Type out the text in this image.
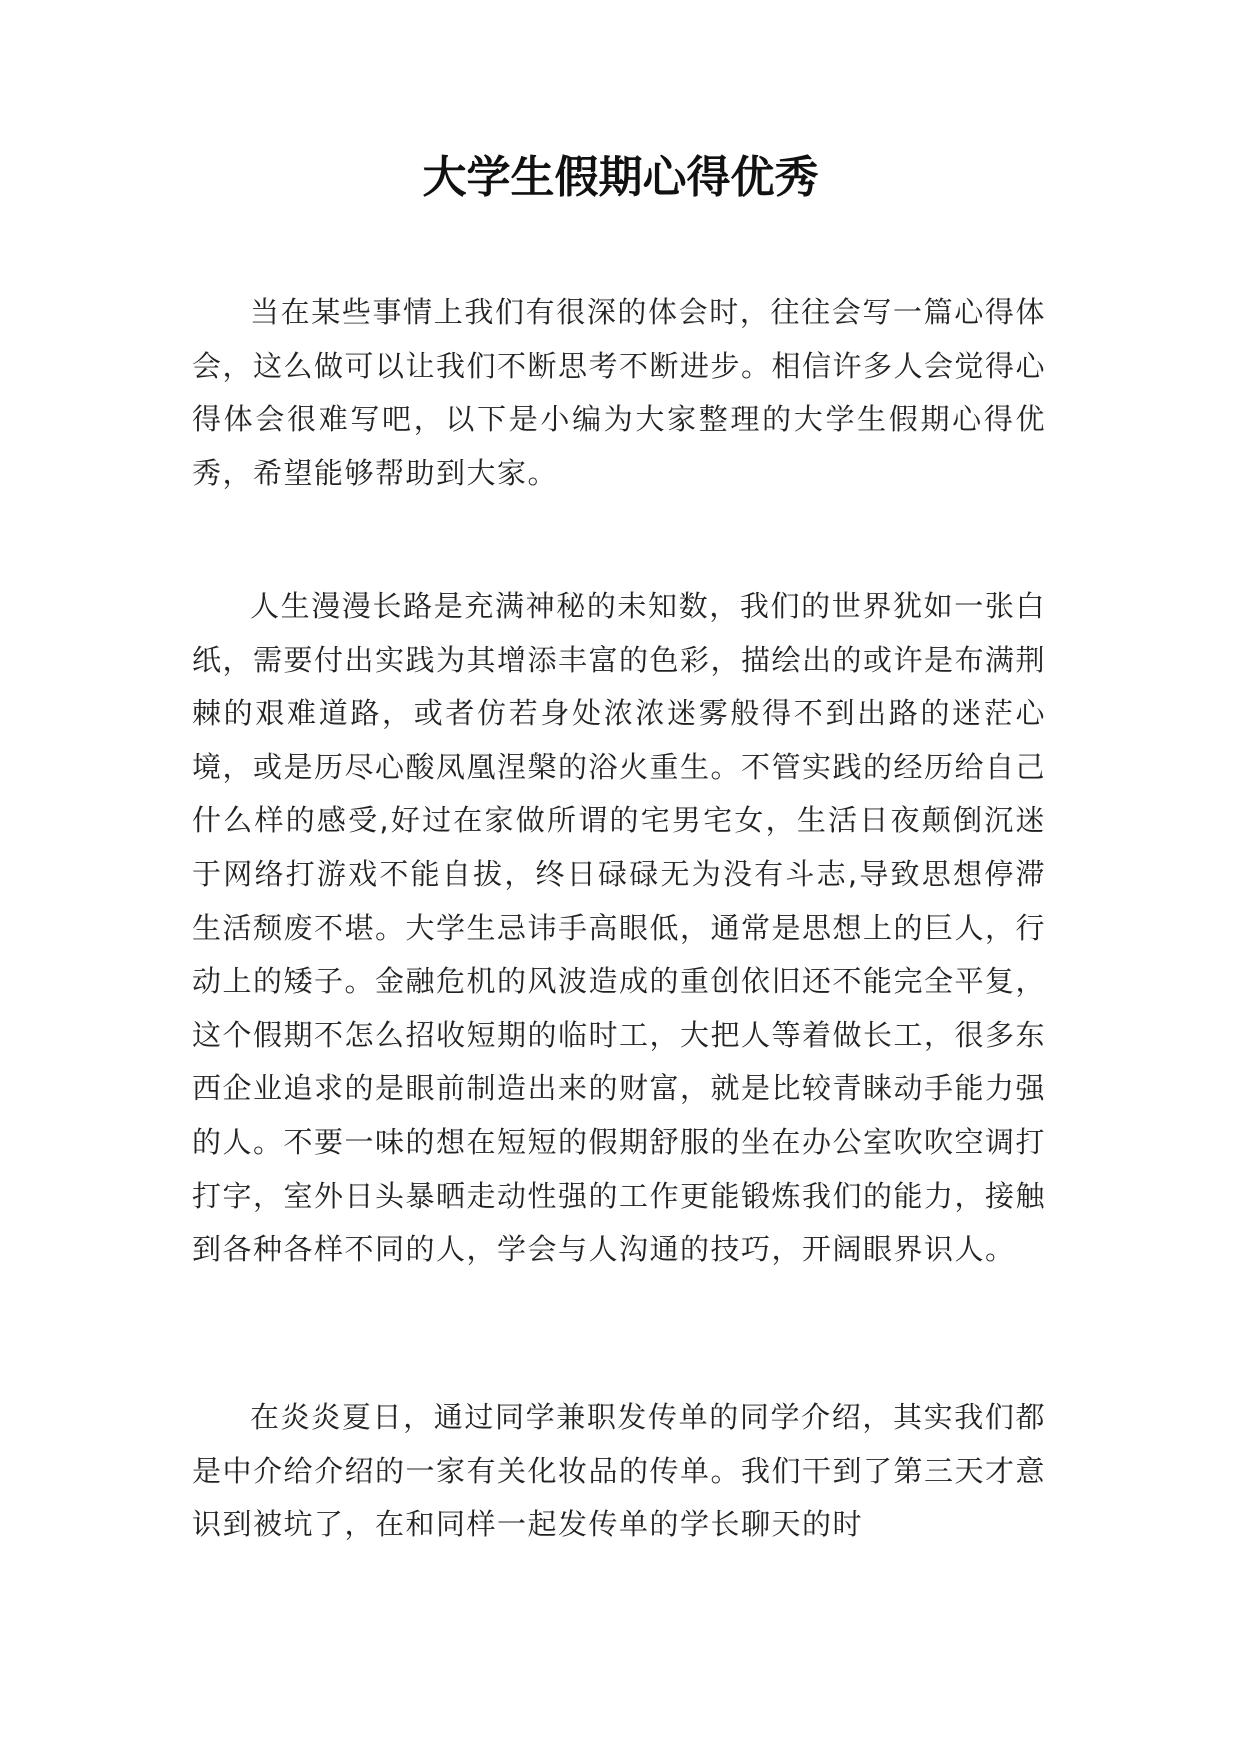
大学生假期心得优秀

当在某些事情上我们有很深的体会时，往往会写一篇心得体会，这么做可以让我们不断思考不断进步。相信许多人会觉得心得体会很难写吧，以下是小编为大家整理的大学生假期心得优秀，希望能够帮助到大家。

人生漫漫长路是充满神秘的未知数，我们的世界犹如一张白纸，需要付出实践为其增添丰富的色彩，描绘出的或许是布满荆棘的艰难道路，或者仿若身处浓浓迷雾般得不到出路的迷茫心境，或是历尽心酸凤凰涅槃的浴火重生。不管实践的经历给自己什么样的感受,好过在家做所谓的宅男宅女，生活日夜颠倒沉迷于网络打游戏不能自拔，终日碌碌无为没有斗志,导致思想停滞生活颓废不堪。大学生忌讳手高眼低，通常是思想上的巨人，行动上的矮子。金融危机的风波造成的重创依旧还不能完全平复，这个假期不怎么招收短期的临时工，大把人等着做长工，很多东西企业追求的是眼前制造出来的财富，就是比较青睐动手能力强的人。不要一味的想在短短的假期舒服的坐在办公室吹吹空调打打字，室外日头暴晒走动性强的工作更能锻炼我们的能力，接触到各种各样不同的人，学会与人沟通的技巧，开阔眼界识人。

在炎炎夏日，通过同学兼职发传单的同学介绍，其实我们都是中介给介绍的一家有关化妆品的传单。我们干到了第三天才意识到被坑了，在和同样一起发传单的学长聊天的时
